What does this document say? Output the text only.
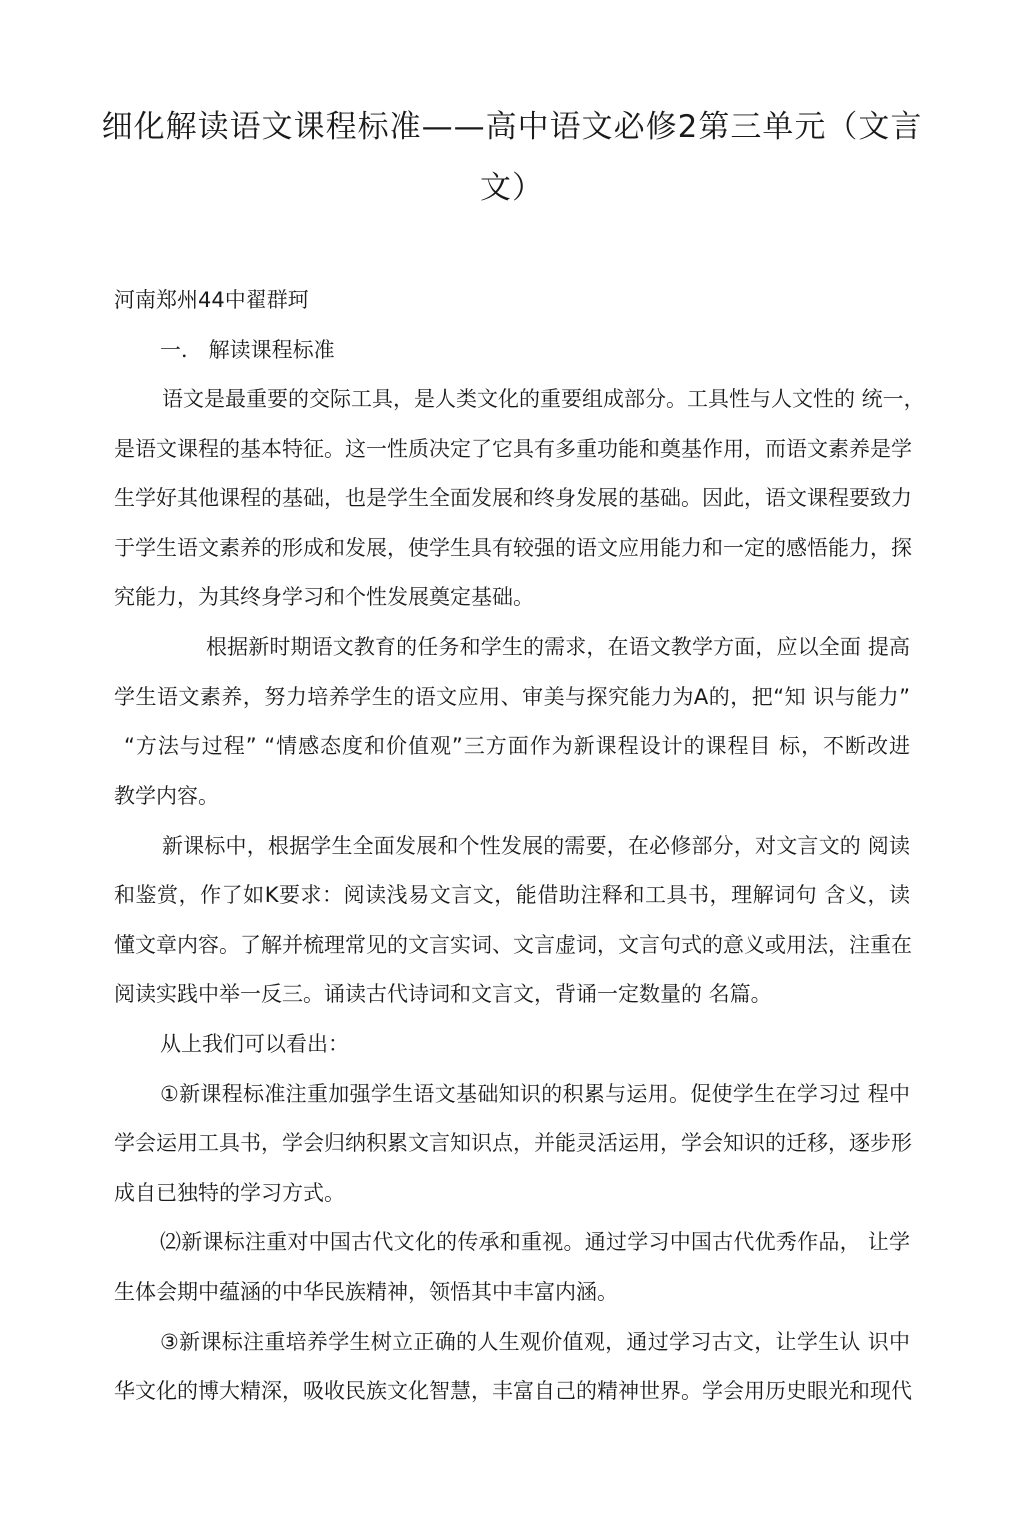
细化解读语文课程标准——高中语文必修2第三单元（文言
文）

河南郑州44中翟群珂

一． 解读课程标准

语文是最重要的交际工具，是人类文化的重要组成部分。工具性与人文性的 统一，

是语文课程的基本特征。这一性质决定了它具有多重功能和奠基作用，而语文素养是学

生学好其他课程的基础，也是学生全面发展和终身发展的基础。因此，语文课程要致力

于学生语文素养的形成和发展，使学生具有较强的语文应用能力和一定的感悟能力，探

究能力，为其终身学习和个性发展奠定基础。

根据新时期语文教育的任务和学生的需求，在语文教学方面，应以全面 提高

学生语文素养，努力培养学生的语文应用、审美与探究能力为A的，把“知 识与能力”

“方法与过程” “情感态度和价值观”三方面作为新课程设计的课程目 标，不断改进

教学内容。

新课标中，根据学生全面发展和个性发展的需要，在必修部分，对文言文的 阅读

和鉴赏，作了如K要求：阅读浅易文言文，能借助注释和工具书，理解词句 含义，读

懂文章内容。了解并梳理常见的文言实词、文言虚词，文言句式的意义或用法，注重在

阅读实践中举一反三。诵读古代诗词和文言文，背诵一定数量的 名篇。

从上我们可以看出：

①新课程标准注重加强学生语文基础知识的积累与运用。促使学生在学习过 程中

学会运用工具书，学会归纳积累文言知识点，并能灵活运用，学会知识的迁移，逐步形

成自已独特的学习方式。

⑵新课标注重对中国古代文化的传承和重视。通过学习中国古代优秀作品， 让学

生体会期中蕴涵的中华民族精神，领悟其中丰富内涵。

③新课标注重培养学生树立正确的人生观价值观，通过学习古文，让学生认 识中

华文化的博大精深，吸收民族文化智慧，丰富自己的精神世界。学会用历史眼光和现代
